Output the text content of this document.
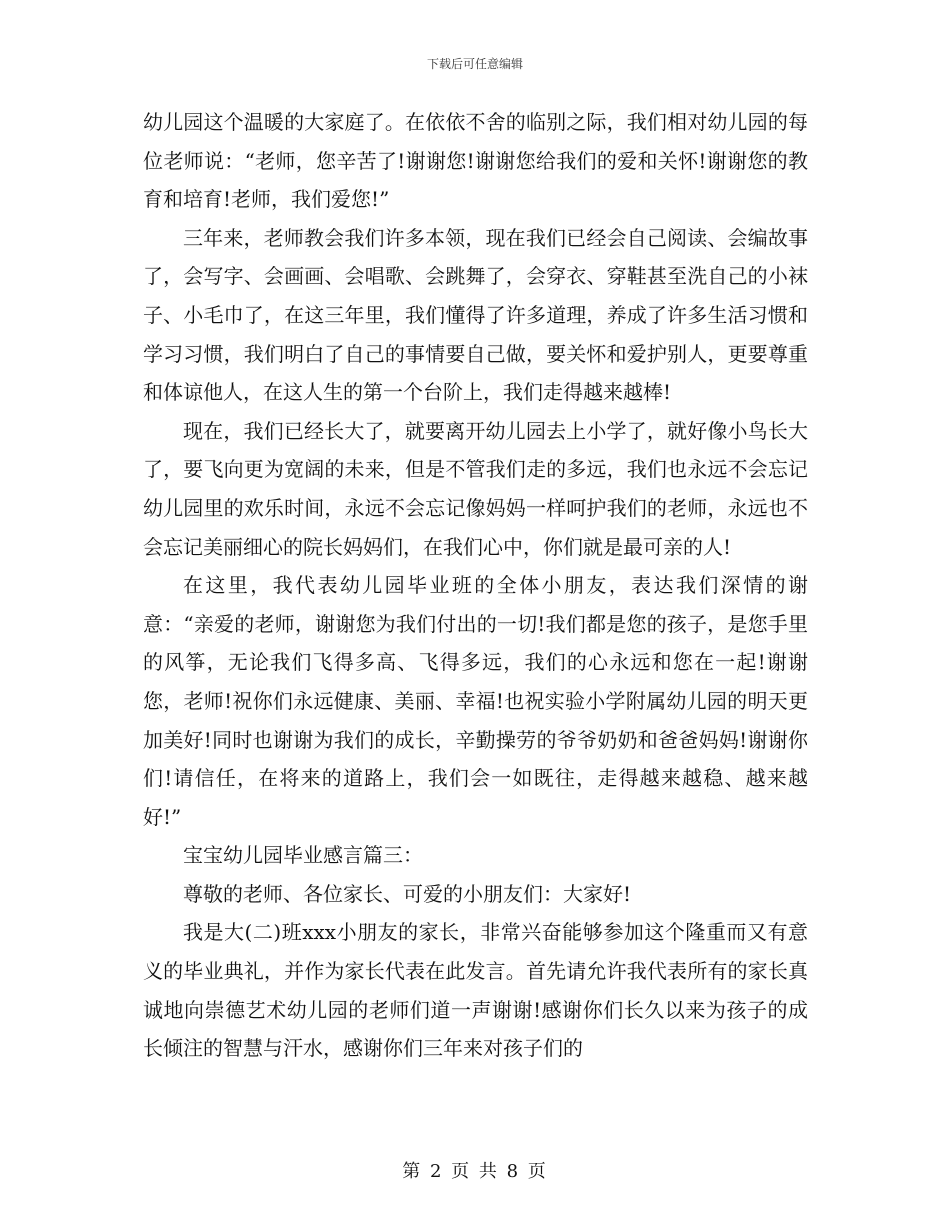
下载后可任意编辑

幼儿园这个温暖的大家庭了。在依依不舍的临别之际，我们相对幼儿园的每位老师说：“老师，您辛苦了!谢谢您!谢谢您给我们的爱和关怀!谢谢您的教育和培育!老师，我们爱您!”

三年来，老师教会我们许多本领，现在我们已经会自己阅读、会编故事了，会写字、会画画、会唱歌、会跳舞了，会穿衣、穿鞋甚至洗自己的小袜子、小毛巾了，在这三年里，我们懂得了许多道理，养成了许多生活习惯和学习习惯，我们明白了自己的事情要自己做，要关怀和爱护别人，更要尊重和体谅他人，在这人生的第一个台阶上，我们走得越来越棒!

现在，我们已经长大了，就要离开幼儿园去上小学了，就好像小鸟长大了，要飞向更为宽阔的未来，但是不管我们走的多远，我们也永远不会忘记幼儿园里的欢乐时间，永远不会忘记像妈妈一样呵护我们的老师，永远也不会忘记美丽细心的院长妈妈们，在我们心中，你们就是最可亲的人!

在这里，我代表幼儿园毕业班的全体小朋友，表达我们深情的谢意：“亲爱的老师，谢谢您为我们付出的一切!我们都是您的孩子，是您手里的风筝，无论我们飞得多高、飞得多远，我们的心永远和您在一起!谢谢您，老师!祝你们永远健康、美丽、幸福!也祝实验小学附属幼儿园的明天更加美好!同时也谢谢为我们的成长，辛勤操劳的爷爷奶奶和爸爸妈妈!谢谢你们!请信任，在将来的道路上，我们会一如既往，走得越来越稳、越来越好!”

宝宝幼儿园毕业感言篇三：

尊敬的老师、各位家长、可爱的小朋友们：大家好!

我是大(二)班xxx小朋友的家长，非常兴奋能够参加这个隆重而又有意义的毕业典礼，并作为家长代表在此发言。首先请允许我代表所有的家长真诚地向崇德艺术幼儿园的老师们道一声谢谢!感谢你们长久以来为孩子的成长倾注的智慧与汗水，感谢你们三年来对孩子们的

第 2 页 共 8 页
